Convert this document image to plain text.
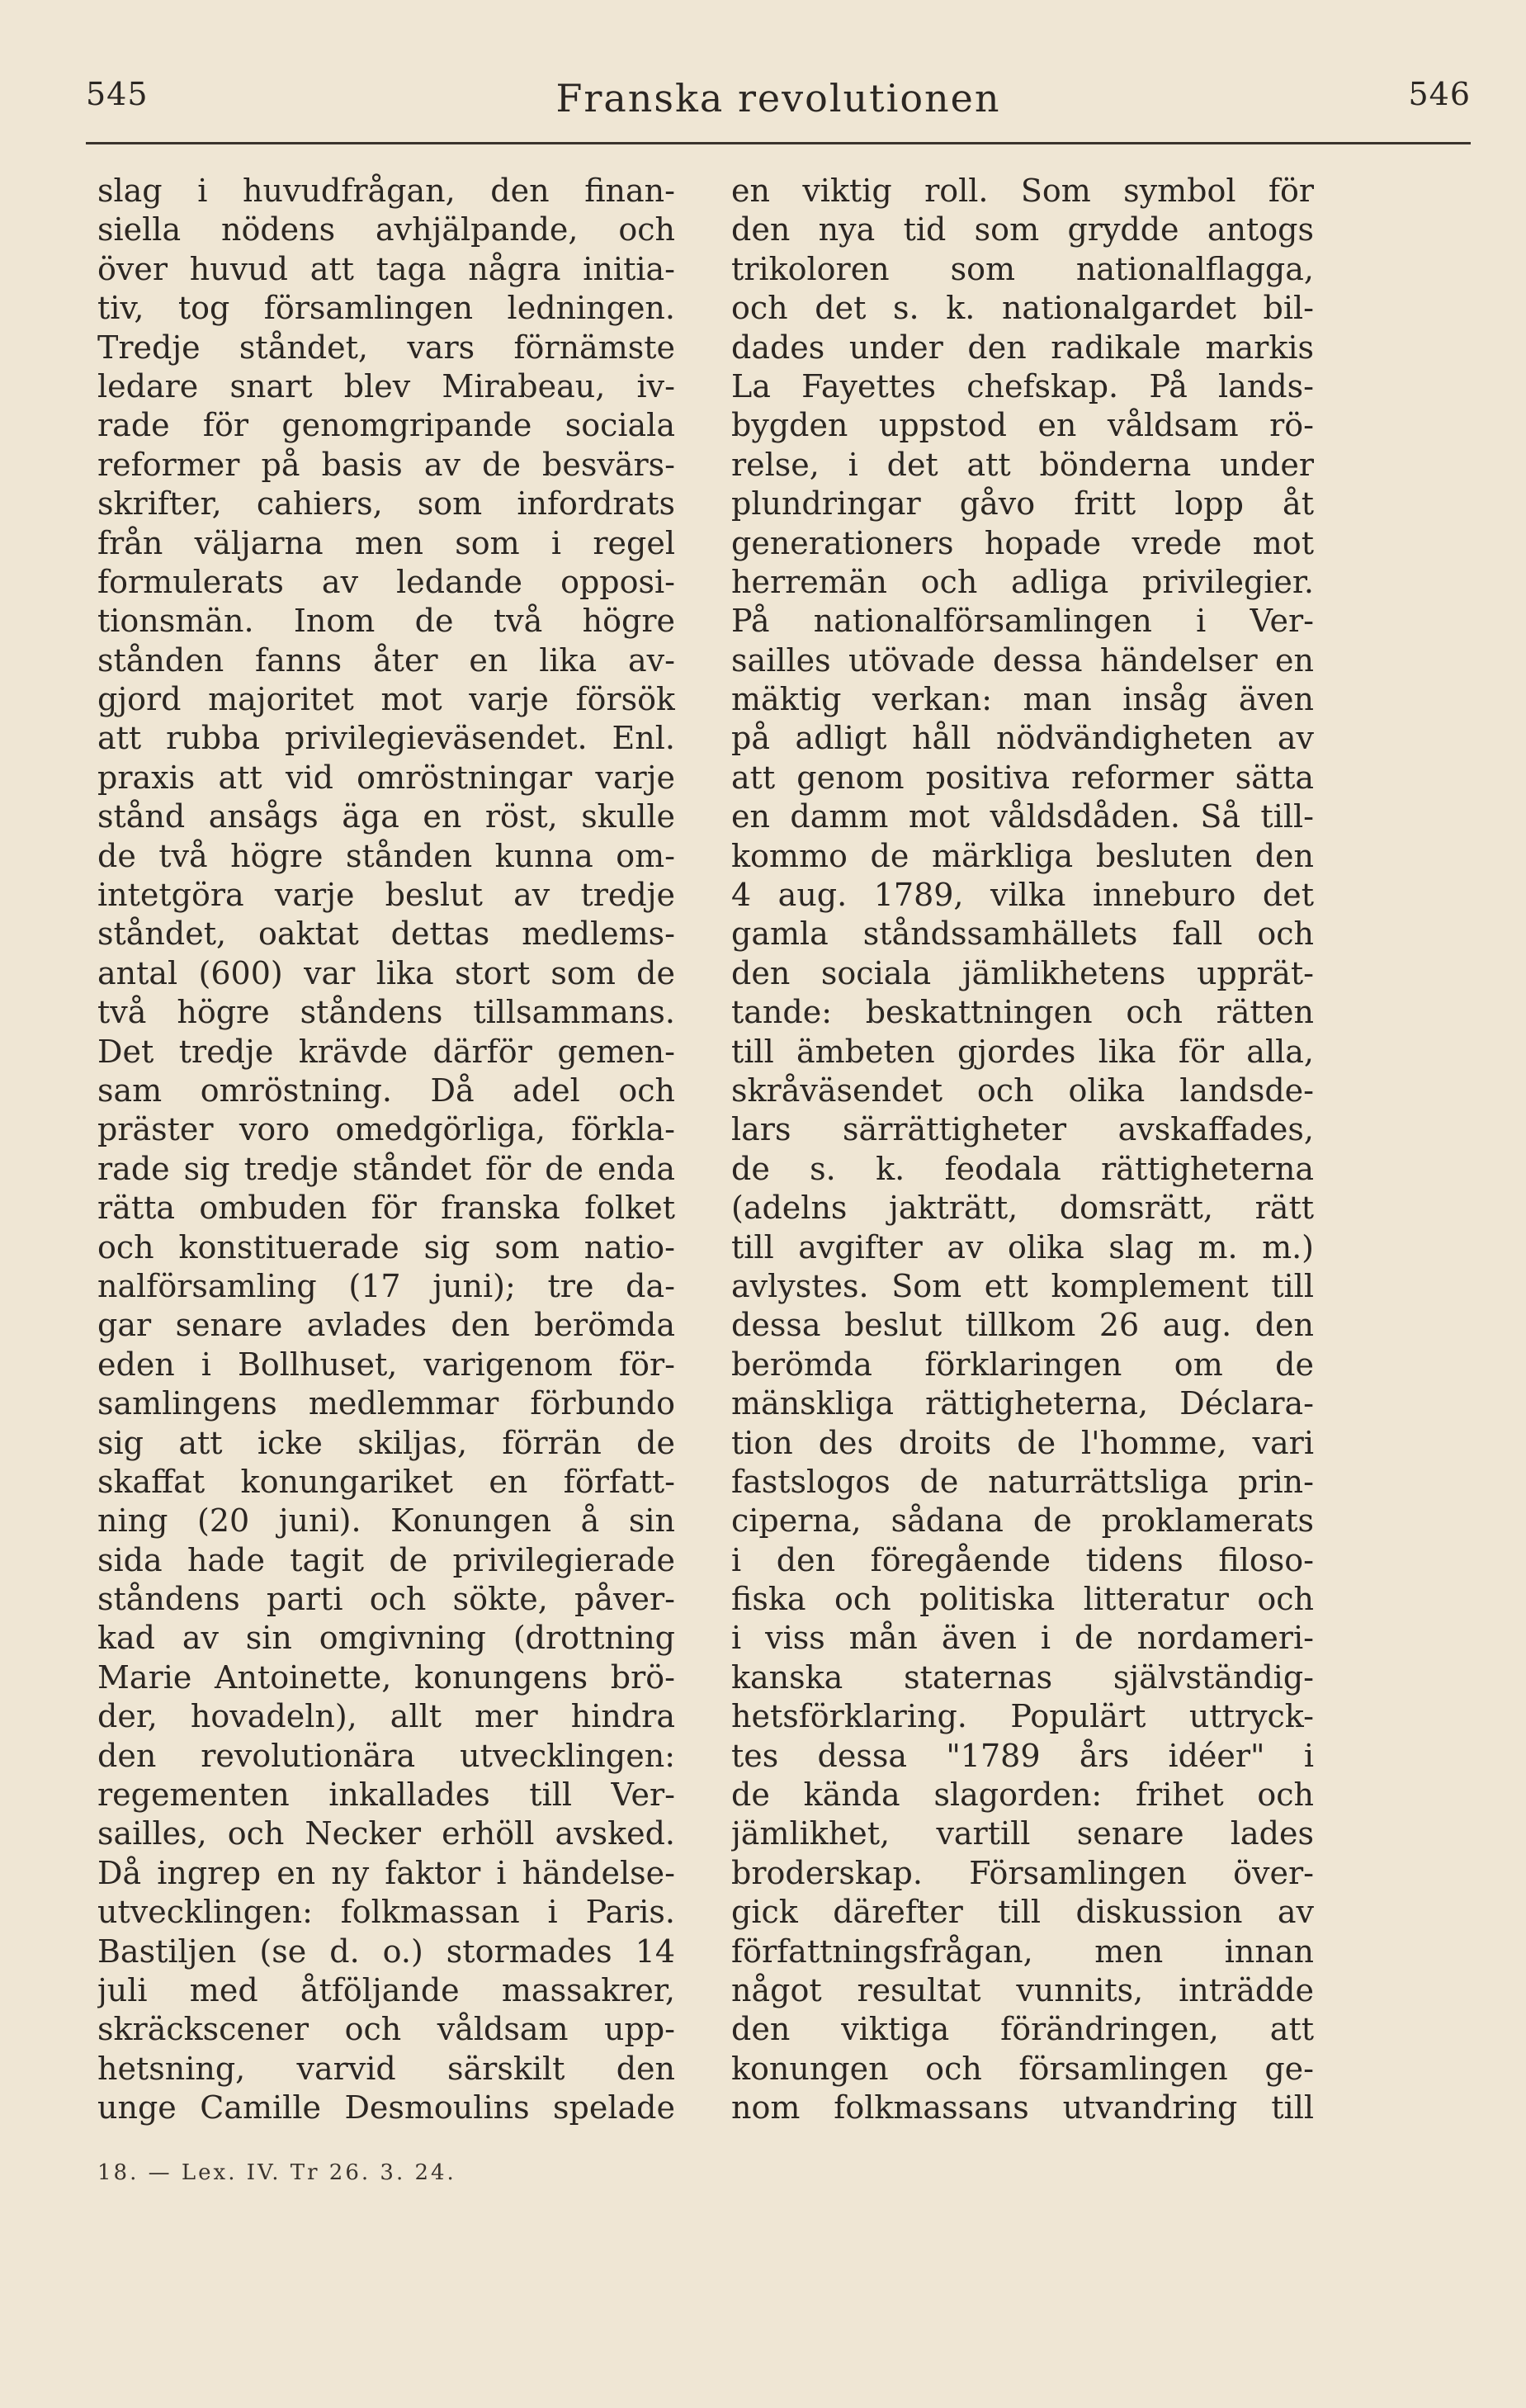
545	Franska revolutionen	546
slag i huvudfrågan, den finan-
siella nödens avhjälpande, och
över huvud att taga några initia-
tiv, tog församlingen ledningen.
Tredje ståndet, vars förnämste
ledare snart blev Mirabeau, iv-
rade för genomgripande sociala
reformer på basis av de besvärs-
skrifter, cahiers, som infordrats
från väljarna men som i regel
formulerats av ledande opposi-
tionsmän. Inom de två högre
stånden fanns åter en lika av-
gjord majoritet mot varje försök
att rubba privilegieväsendet. Enl.
praxis att vid omröstningar varje
stånd ansågs äga en röst, skulle
de två högre stånden kunna om-
intetgöra varje beslut av tredje
ståndet, oaktat dettas medlems-
antal (600) var lika stort som de
två högre ståndens tillsammans.
Det tredje krävde därför gemen-
sam omröstning. Då adel och
präster voro omedgörliga, förkla-
rade sig tredje ståndet för de enda
rätta ombuden för franska folket
och konstituerade sig som natio-
nalförsamling (17 juni); tre da-
gar senare avlades den berömda
eden i Bollhuset, varigenom för-
samlingens medlemmar förbundo
sig att icke skiljas, förrän de
skaffat konungariket en författ-
ning (20 juni). Konungen å sin
sida hade tagit de privilegierade
ståndens parti och sökte, påver-
kad av sin omgivning (drottning
Marie Antoinette, konungens brö-
der, hovadeln), allt mer hindra
den revolutionära utvecklingen:
regementen inkallades till Ver-
sailles, och Necker erhöll avsked.
Då ingrep en ny faktor i händelse-
utvecklingen: folkmassan i Paris.
Bastiljen (se d. o.) stormades 14
juli med åtföljande massakrer,
skräckscener och våldsam upp-
hetsning, varvid särskilt den
unge Camille Desmoulins spelade
en viktig roll. Som symbol för
den nya tid som grydde antogs
trikoloren som nationalflagga,
och det s. k. nationalgardet bil-
dades under den radikale markis
La Fayettes chefskap. På lands-
bygden uppstod en våldsam rö-
relse, i det att bönderna under
plundringar gåvo fritt lopp åt
generationers hopade vrede mot
herremän och adliga privilegier.
På nationalförsamlingen i Ver-
sailles utövade dessa händelser en
mäktig verkan: man insåg även
på adligt håll nödvändigheten av
att genom positiva reformer sätta
en damm mot våldsdåden. Så till-
kommo de märkliga besluten den
4 aug. 1789, vilka inneburo det
gamla ståndssamhällets fall och
den sociala jämlikhetens upprät-
tande: beskattningen och rätten
till ämbeten gjordes lika för alla,
skråväsendet och olika landsde-
lars särrättigheter avskaffades,
de s. k. feodala rättigheterna
(adelns jakträtt, domsrätt, rätt
till avgifter av olika slag m. m.)
avlystes. Som ett komplement till
dessa beslut tillkom 26 aug. den
berömda förklaringen om de
mänskliga rättigheterna, Déclara-
tion des droits de l'homme, vari
fastslogos de naturrättsliga prin-
ciperna, sådana de proklamerats
i den föregående tidens filoso-
fiska och politiska litteratur och
i viss mån även i de nordameri-
kanska staternas självständig-
hetsförklaring. Populärt uttryck-
tes dessa "1789 års idéer" i
de kända slagorden: frihet och
jämlikhet, vartill senare lades
broderskap. Församlingen över-
gick därefter till diskussion av
författningsfrågan, men innan
något resultat vunnits, inträdde
den viktiga förändringen, att
konungen och församlingen ge-
nom folkmassans utvandring till
18. — Lex. IV. Tr 26. 3. 24.
